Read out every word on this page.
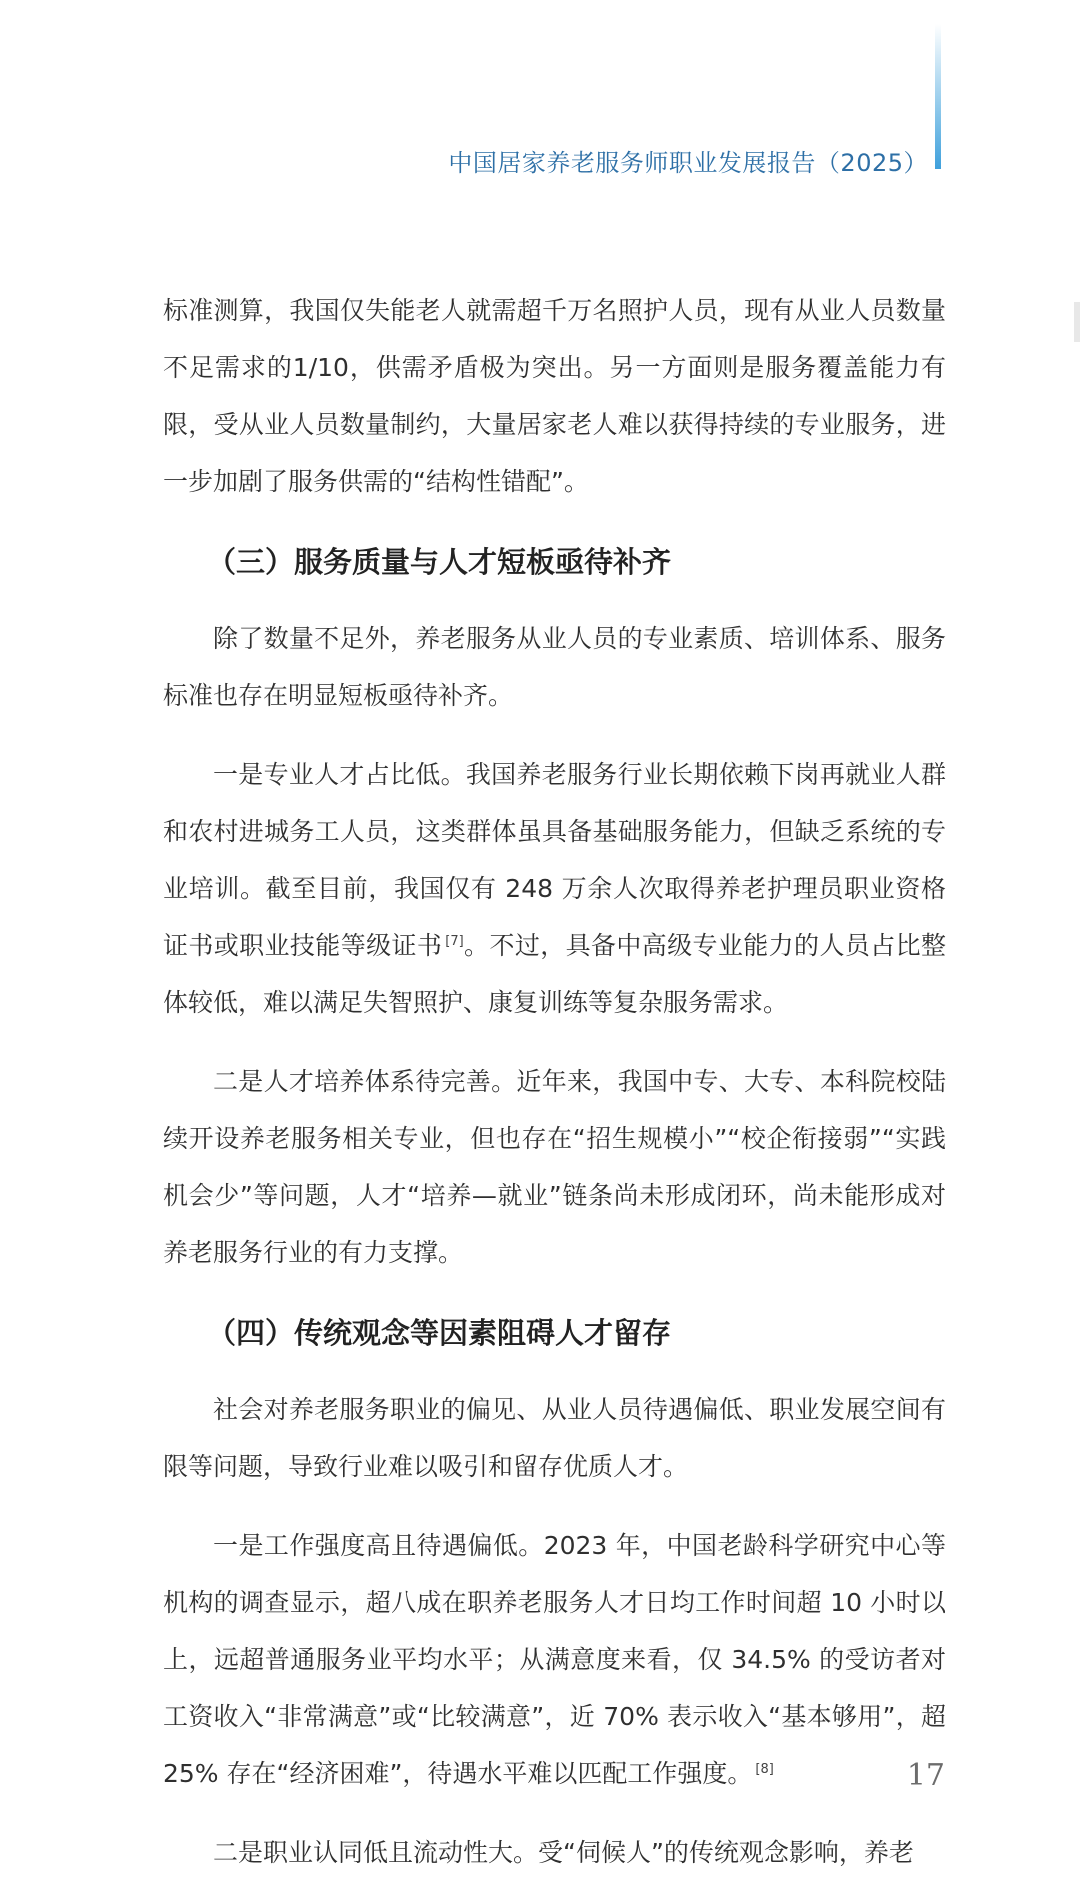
中国居家养老服务师职业发展报告（2025）

标准测算，我国仅失能老人就需超千万名照护人员，现有从业人员数量不足需求的1/10，供需矛盾极为突出。另一方面则是服务覆盖能力有限，受从业人员数量制约，大量居家老人难以获得持续的专业服务，进一步加剧了服务供需的“结构性错配”。

（三）服务质量与人才短板亟待补齐

除了数量不足外，养老服务从业人员的专业素质、培训体系、服务标准也存在明显短板亟待补齐。

一是专业人才占比低。我国养老服务行业长期依赖下岗再就业人群和农村进城务工人员，这类群体虽具备基础服务能力，但缺乏系统的专业培训。截至目前，我国仅有 248 万余人次取得养老护理员职业资格证书或职业技能等级证书 [7]。不过，具备中高级专业能力的人员占比整体较低，难以满足失智照护、康复训练等复杂服务需求。

二是人才培养体系待完善。近年来，我国中专、大专、本科院校陆续开设养老服务相关专业，但也存在“招生规模小”“校企衔接弱”“实践机会少”等问题，人才“培养—就业”链条尚未形成闭环，尚未能形成对养老服务行业的有力支撑。

（四）传统观念等因素阻碍人才留存

社会对养老服务职业的偏见、从业人员待遇偏低、职业发展空间有限等问题，导致行业难以吸引和留存优质人才。

一是工作强度高且待遇偏低。2023 年，中国老龄科学研究中心等机构的调查显示，超八成在职养老服务人才日均工作时间超 10 小时以上，远超普通服务业平均水平；从满意度来看，仅 34.5% 的受访者对工资收入“非常满意”或“比较满意”，近 70% 表示收入“基本够用”，超 25% 存在“经济困难”，待遇水平难以匹配工作强度。 [8]

二是职业认同低且流动性大。受“伺候人”的传统观念影响，养老

17
